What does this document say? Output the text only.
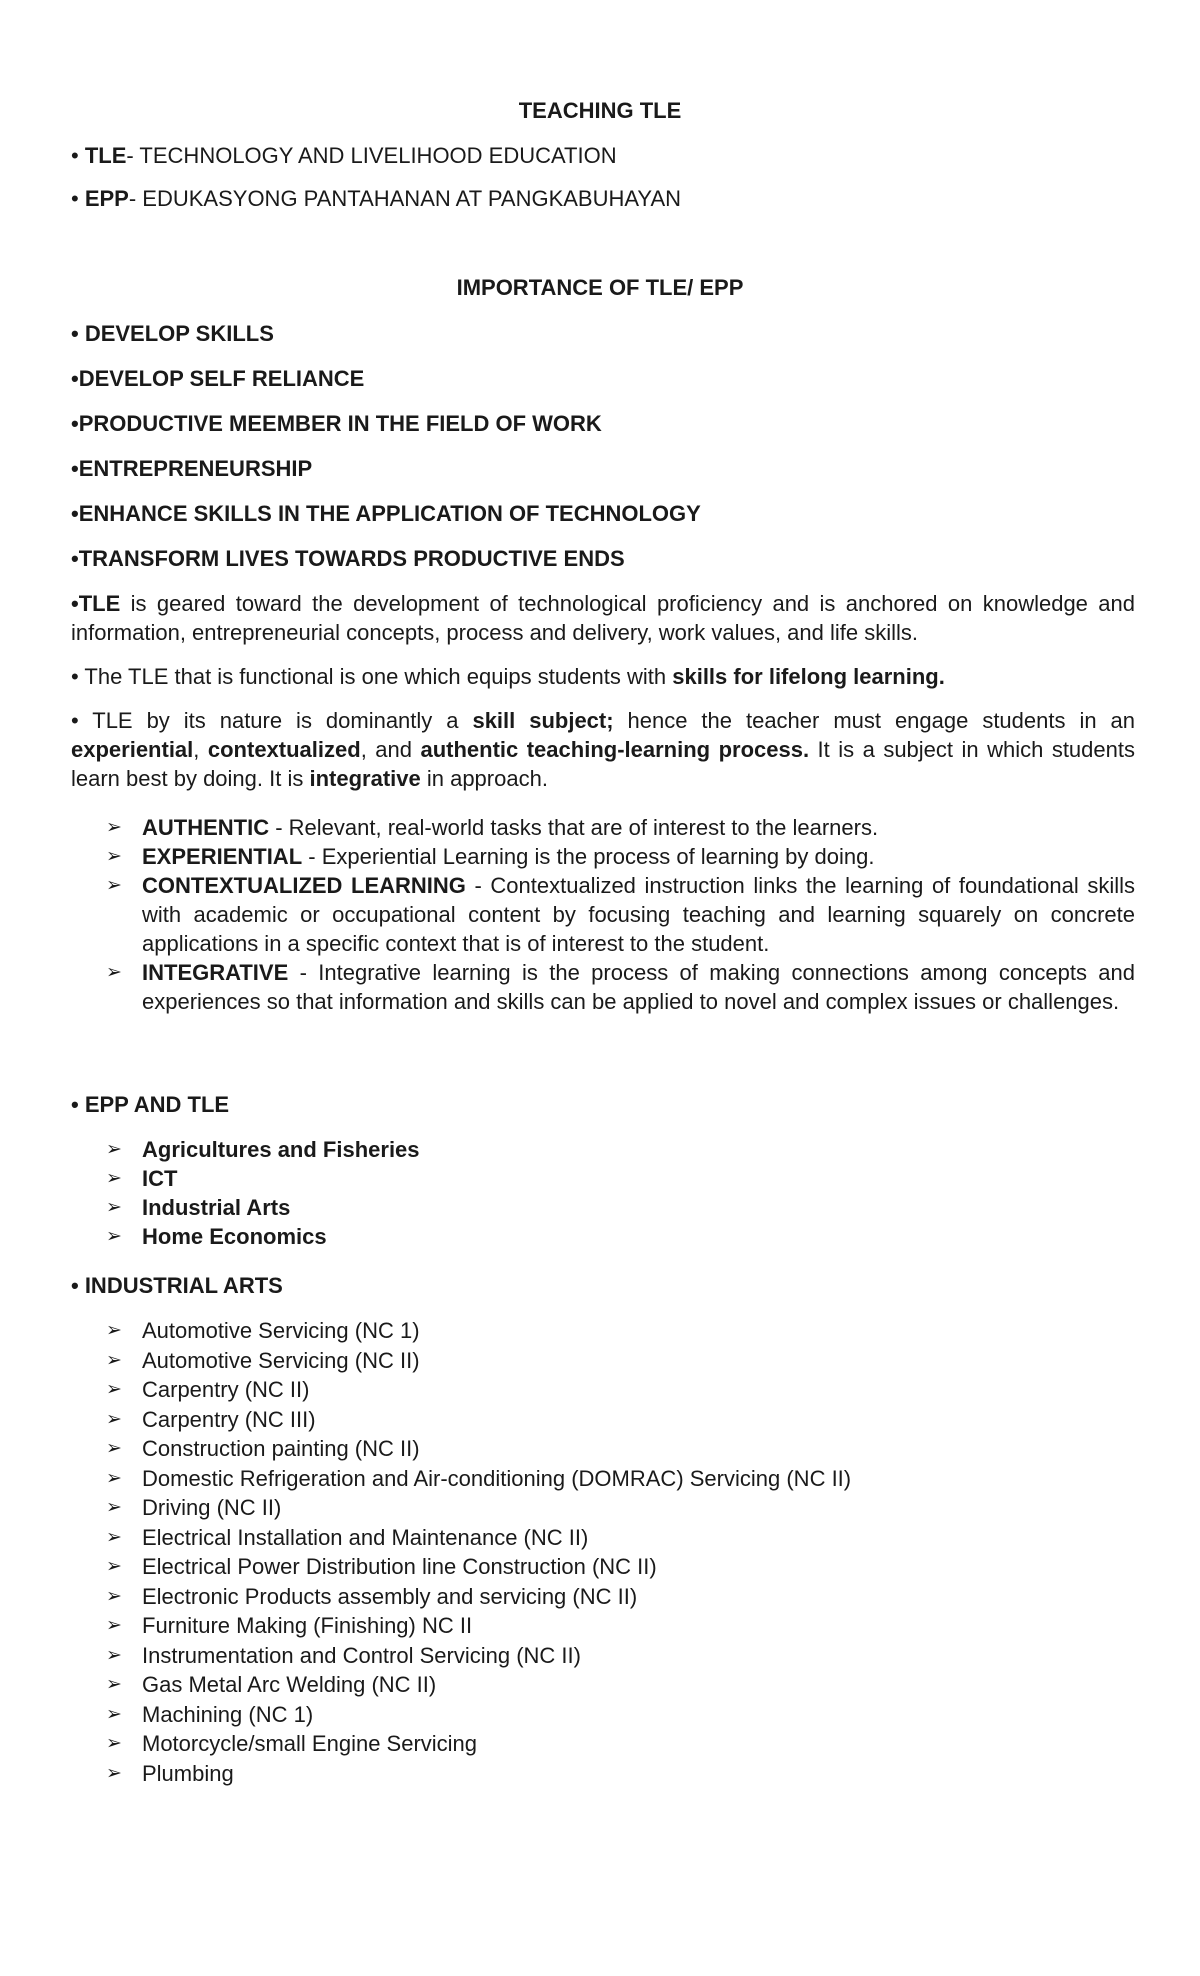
TEACHING TLE
• TLE- TECHNOLOGY AND LIVELIHOOD EDUCATION
• EPP- EDUKASYONG PANTAHANAN AT PANGKABUHAYAN
IMPORTANCE OF TLE/ EPP
• DEVELOP SKILLS
•DEVELOP SELF RELIANCE
•PRODUCTIVE MEEMBER IN THE FIELD OF WORK
•ENTREPRENEURSHIP
•ENHANCE SKILLS IN THE APPLICATION OF TECHNOLOGY
•TRANSFORM LIVES TOWARDS PRODUCTIVE ENDS
•TLE is geared toward the development of technological proficiency and is anchored on knowledge and information, entrepreneurial concepts, process and delivery, work values, and life skills.
• The TLE that is functional is one which equips students with skills for lifelong learning.
• TLE by its nature is dominantly a skill subject; hence the teacher must engage students in an experiential, contextualized, and authentic teaching-learning process. It is a subject in which students learn best by doing. It is integrative in approach.
➢ AUTHENTIC - Relevant, real-world tasks that are of interest to the learners.
➢ EXPERIENTIAL - Experiential Learning is the process of learning by doing.
➢ CONTEXTUALIZED LEARNING - Contextualized instruction links the learning of foundational skills with academic or occupational content by focusing teaching and learning squarely on concrete applications in a specific context that is of interest to the student.
➢ INTEGRATIVE - Integrative learning is the process of making connections among concepts and experiences so that information and skills can be applied to novel and complex issues or challenges.
• EPP AND TLE
➢ Agricultures and Fisheries
➢ ICT
➢ Industrial Arts
➢ Home Economics
• INDUSTRIAL ARTS
➢ Automotive Servicing (NC 1)
➢ Automotive Servicing (NC II)
➢ Carpentry (NC II)
➢ Carpentry (NC III)
➢ Construction painting (NC II)
➢ Domestic Refrigeration and Air-conditioning (DOMRAC) Servicing (NC II)
➢ Driving (NC II)
➢ Electrical Installation and Maintenance (NC II)
➢ Electrical Power Distribution line Construction (NC II)
➢ Electronic Products assembly and servicing (NC II)
➢ Furniture Making (Finishing) NC II
➢ Instrumentation and Control Servicing (NC II)
➢ Gas Metal Arc Welding (NC II)
➢ Machining (NC 1)
➢ Motorcycle/small Engine Servicing
➢ Plumbing
